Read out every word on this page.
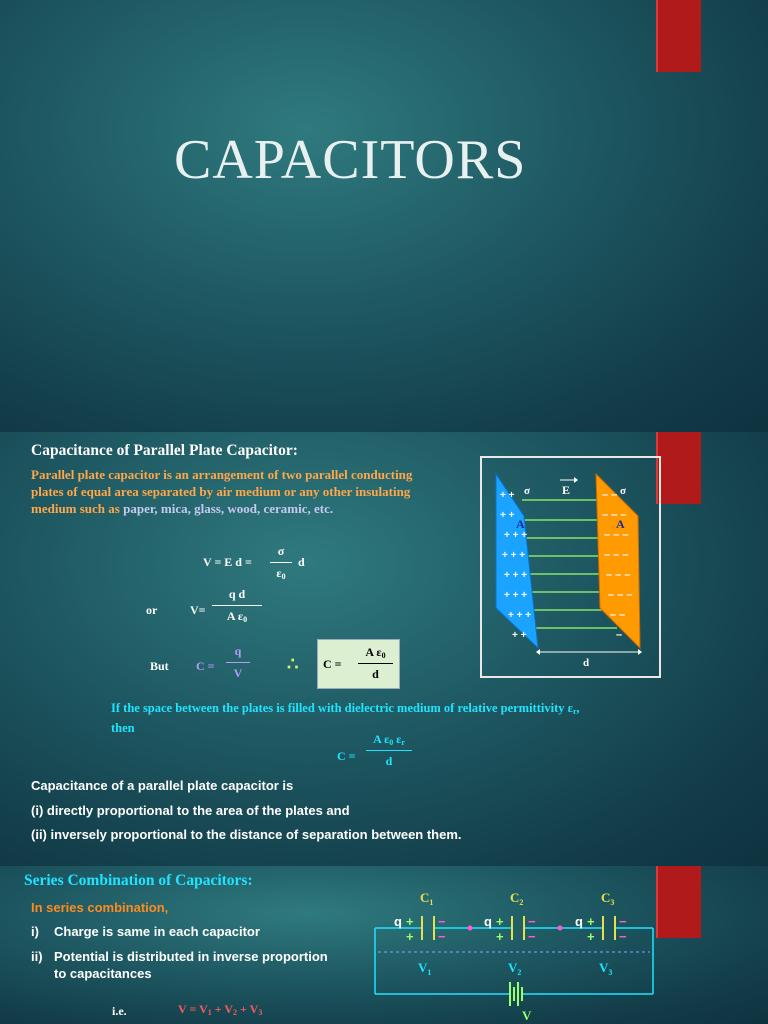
CAPACITORS
Capacitance of Parallel Plate Capacitor:
Parallel plate capacitor is an arrangement of two parallel conducting plates of equal area separated by air medium or any other insulating medium such as paper, mica, glass, wood, ceramic, etc.
V = E d =
σ
$\varepsilon_0$
d
or	V=
q d
A $\varepsilon_0$
But C =
q
V ∴ C =
A $\varepsilon_0$
d
If the space between the plates is filled with dielectric medium of relative permittivity $\varepsilon_r$, then
C =
A $\varepsilon_0$ $\varepsilon_r$
d
Capacitance of a parallel plate capacitor is
(i) directly proportional to the area of the plates and
(ii) inversely proportional to the distance of separation between them.
+ +
+ +
+ + +
+ + +
+ + +
+ + +
+ + +
+ +
– –
– – –
– – –
– – –
– – –
– – –
– –
–
σ	E	σ
A	A
d
Series Combination of Capacitors:
In series combination,
i) Charge is same in each capacitor
ii) Potential is distributed in inverse proportion
to capacitances
i.e.	$V = V_1 + V_2 + V_3$
$C_1$	$C_2$	$C_3$
V
q + −
+ −
q + −
+ −
q + −
+ −
$V_1$	$V_2$	$V_3$
